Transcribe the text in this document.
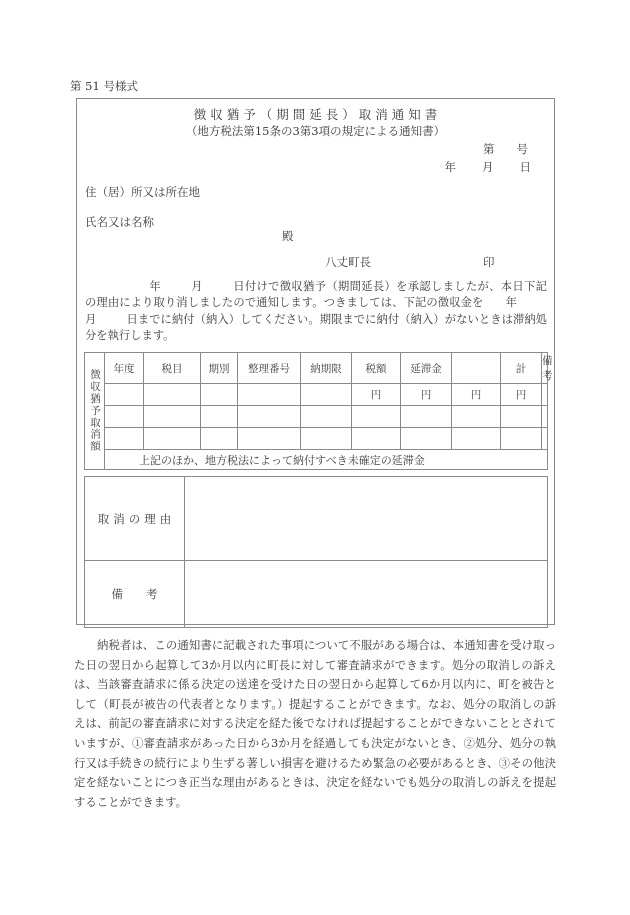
第 51 号様式
徴収猶予（期間延長）取消通知書
（地方税法第15条の3第3項の規定による通知書）
第 号
年 月 日
住（居）所又は所在地
氏名又は名称
殿
八丈町長	印
年	月	日付けで徴収猶予（期間延長）を承認しましたが、本日下記の理由により取り消しましたので通知します。つきましては、下記の徴収金を 年月	日までに納付（納入）してください。期限までに納付（納入）がないときは滞納処分を執行します。
徴収猶予取消額	年度	税目	期別	整理番号	納期限	税額	延滞金		計	備考
						円	円	円	円	

	上記のほか、地方税法によって納付すべき未確定の延滞金									
取消の理由
備考
納税者は、この通知書に記載された事項について不服がある場合は、本通知書を受け取った日の翌日から起算して3か月以内に町長に対して審査請求ができます。処分の取消しの訴えは、当該審査請求に係る決定の送達を受けた日の翌日から起算して6か月以内に、町を被告として（町長が被告の代表者となります。）提起することができます。なお、処分の取消しの訴えは、前記の審査請求に対する決定を経た後でなければ提起することができないこととされていますが、①審査請求があった日から3か月を経過しても決定がないとき、②処分、処分の執行又は手続きの続行により生ずる著しい損害を避けるため緊急の必要があるとき、③その他決定を経ないことにつき正当な理由があるときは、決定を経ないでも処分の取消しの訴えを提起することができます。
